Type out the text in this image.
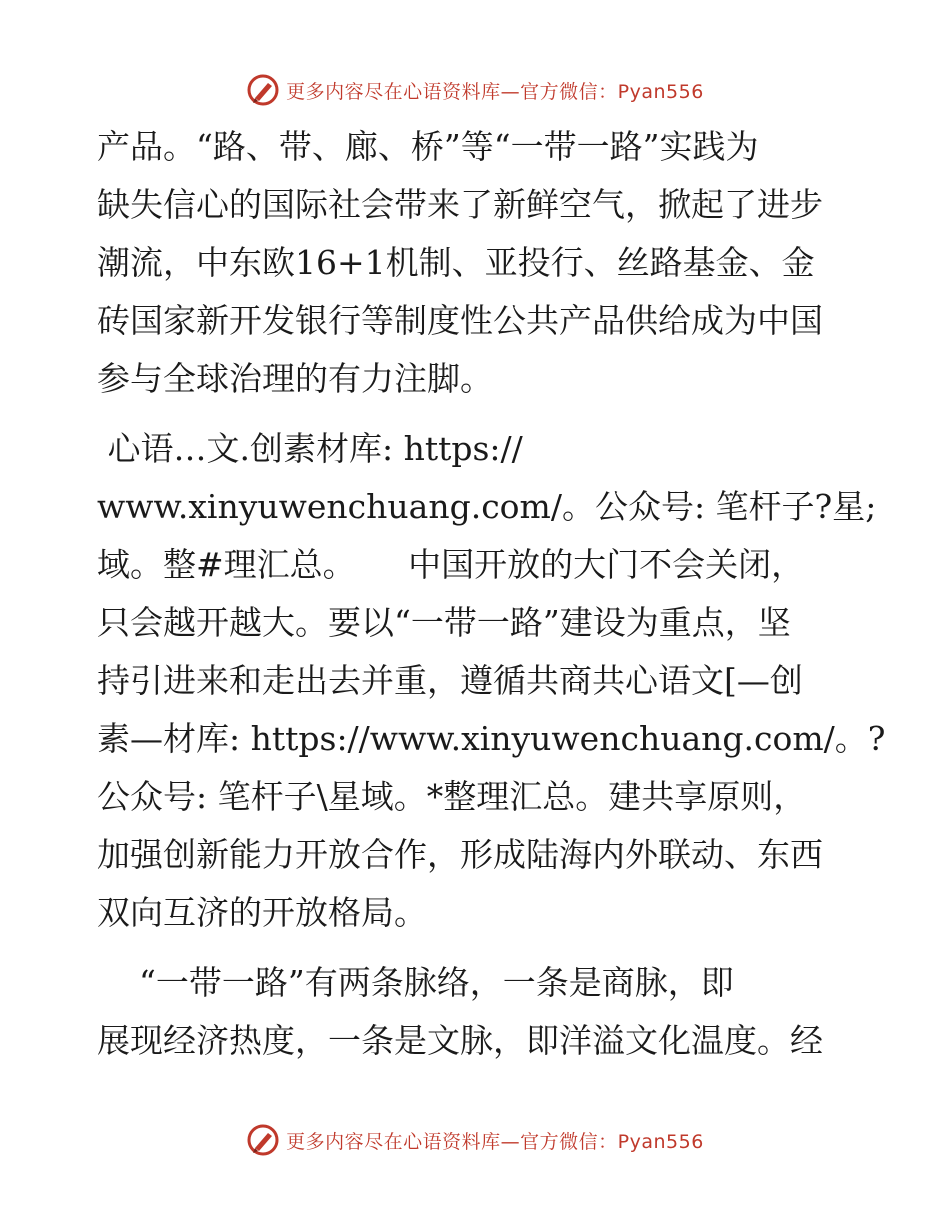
更多内容尽在心语资料库—官方微信：Pyan556
产品。“路、带、廊、桥”等“一带一路”实践为
缺失信心的国际社会带来了新鲜空气，掀起了进步
潮流，中东欧16+1机制、亚投行、丝路基金、金
砖国家新开发银行等制度性公共产品供给成为中国
参与全球治理的有力注脚。
心语…文.创素材库: https://
www.xinyuwenchuang.com/。公众号: 笔杆子?星;
域。整#理汇总。     中国开放的大门不会关闭，
只会越开越大。要以“一带一路”建设为重点，坚
持引进来和走出去并重，遵循共商共心语文[—创
素—材库: https://www.xinyuwenchuang.com/。?
公众号: 笔杆子\星域。*整理汇总。建共享原则，
加强创新能力开放合作，形成陆海内外联动、东西
双向互济的开放格局。
“一带一路”有两条脉络，一条是商脉，即
展现经济热度，一条是文脉，即洋溢文化温度。经
更多内容尽在心语资料库—官方微信：Pyan556
